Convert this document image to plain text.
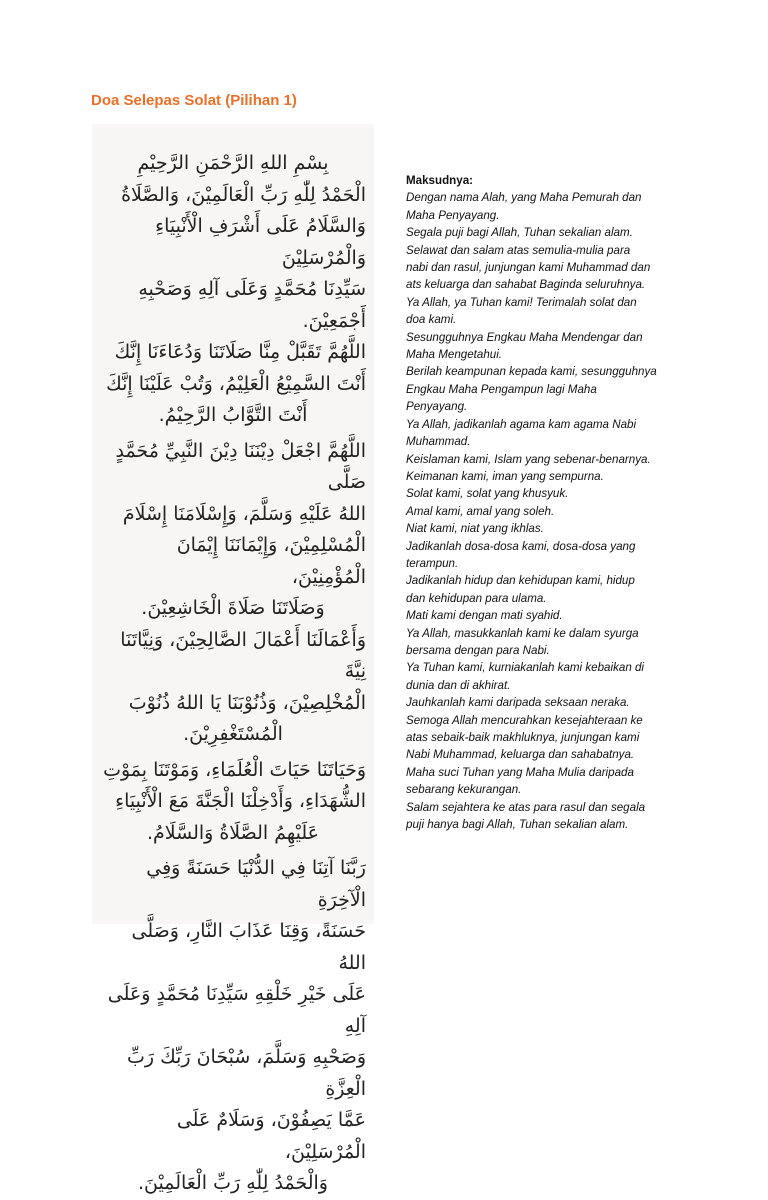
Doa Selepas Solat (Pilihan 1)

بِسْمِ اللهِ الرَّحْمَنِ الرَّحِيْمِ

الْحَمْدُ لِلّٰهِ رَبِّ الْعَالَمِيْنَ، وَالصَّلَاةُ

وَالسَّلَامُ عَلَى أَشْرَفِ الْأَنْبِيَاءِ وَالْمُرْسَلِيْنَ

سَيِّدِنَا مُحَمَّدٍ وَعَلَى آلِهِ وَصَحْبِهِ أَجْمَعِيْنَ.

اللَّهُمَّ تَقَبَّلْ مِنَّا صَلَاتَنَا وَدُعَاءَنَا إِنَّكَ

أَنْتَ السَّمِيْعُ الْعَلِيْمُ، وَتُبْ عَلَيْنَا إِنَّكَ

أَنْتَ التَّوَّابُ الرَّحِيْمُ.

اللَّهُمَّ اجْعَلْ دِيْنَنَا دِيْنَ النَّبِيِّ مُحَمَّدٍ صَلَّى

اللهُ عَلَيْهِ وَسَلَّمَ، وَإِسْلَامَنَا إِسْلَامَ

الْمُسْلِمِيْنَ، وَإِيْمَانَنَا إِيْمَانَ الْمُؤْمِنِيْنَ،

وَصَلَاتَنَا صَلَاةَ الْخَاشِعِيْنَ.

وَأَعْمَالَنَا أَعْمَالَ الصَّالِحِيْنَ، وَنِيَّاتَنَا نِيَّةَ

الْمُخْلِصِيْنَ، وَذُنُوْبَنَا يَا اللهُ ذُنُوْبَ

الْمُسْتَغْفِرِيْنَ.

وَحَيَاتَنَا حَيَاتَ الْعُلَمَاءِ، وَمَوْتَنَا بِمَوْتِ

الشُّهَدَاءِ، وَأَدْخِلْنَا الْجَنَّةَ مَعَ الْأَنْبِيَاءِ

عَلَيْهِمُ الصَّلَاةُ وَالسَّلَامُ.

رَبَّنَا آتِنَا فِي الدُّنْيَا حَسَنَةً وَفِي الْآخِرَةِ

حَسَنَةً، وَقِنَا عَذَابَ النَّارِ، وَصَلَّى اللهُ

عَلَى خَيْرِ خَلْقِهِ سَيِّدِنَا مُحَمَّدٍ وَعَلَى آلِهِ

وَصَحْبِهِ وَسَلَّمَ، سُبْحَانَ رَبِّكَ رَبِّ الْعِزَّةِ

عَمَّا يَصِفُوْنَ، وَسَلَامٌ عَلَى الْمُرْسَلِيْنَ،

وَالْحَمْدُ لِلّٰهِ رَبِّ الْعَالَمِيْنَ.

Maksudnya:
Dengan nama Alah, yang Maha Pemurah dan
Maha Penyayang.
Segala puji bagi Allah, Tuhan sekalian alam.
Selawat dan salam atas semulia-mulia para
nabi dan rasul, junjungan kami Muhammad dan
ats keluarga dan sahabat Baginda seluruhnya.
Ya Allah, ya Tuhan kami! Terimalah solat dan
doa kami.
Sesungguhnya Engkau Maha Mendengar dan
Maha Mengetahui.
Berilah keampunan kepada kami, sesungguhnya
Engkau Maha Pengampun lagi Maha
Penyayang.
Ya Allah, jadikanlah agama kam agama Nabi
Muhammad.
Keislaman kami, Islam yang sebenar-benarnya.
Keimanan kami, iman yang sempurna.
Solat kami, solat yang khusyuk.
Amal kami, amal yang soleh.
Niat kami, niat yang ikhlas.
Jadikanlah dosa-dosa kami, dosa-dosa yang
terampun.
Jadikanlah hidup dan kehidupan kami, hidup
dan kehidupan para ulama.
Mati kami dengan mati syahid.
Ya Allah, masukkanlah kami ke dalam syurga
bersama dengan para Nabi.
Ya Tuhan kami, kurniakanlah kami kebaikan di
dunia dan di akhirat.
Jauhkanlah kami daripada seksaan neraka.
Semoga Allah mencurahkan kesejahteraan ke
atas sebaik-baik makhluknya, junjungan kami
Nabi Muhammad, keluarga dan sahabatnya.
Maha suci Tuhan yang Maha Mulia daripada
sebarang kekurangan.
Salam sejahtera ke atas para rasul dan segala
puji hanya bagi Allah, Tuhan sekalian alam.
